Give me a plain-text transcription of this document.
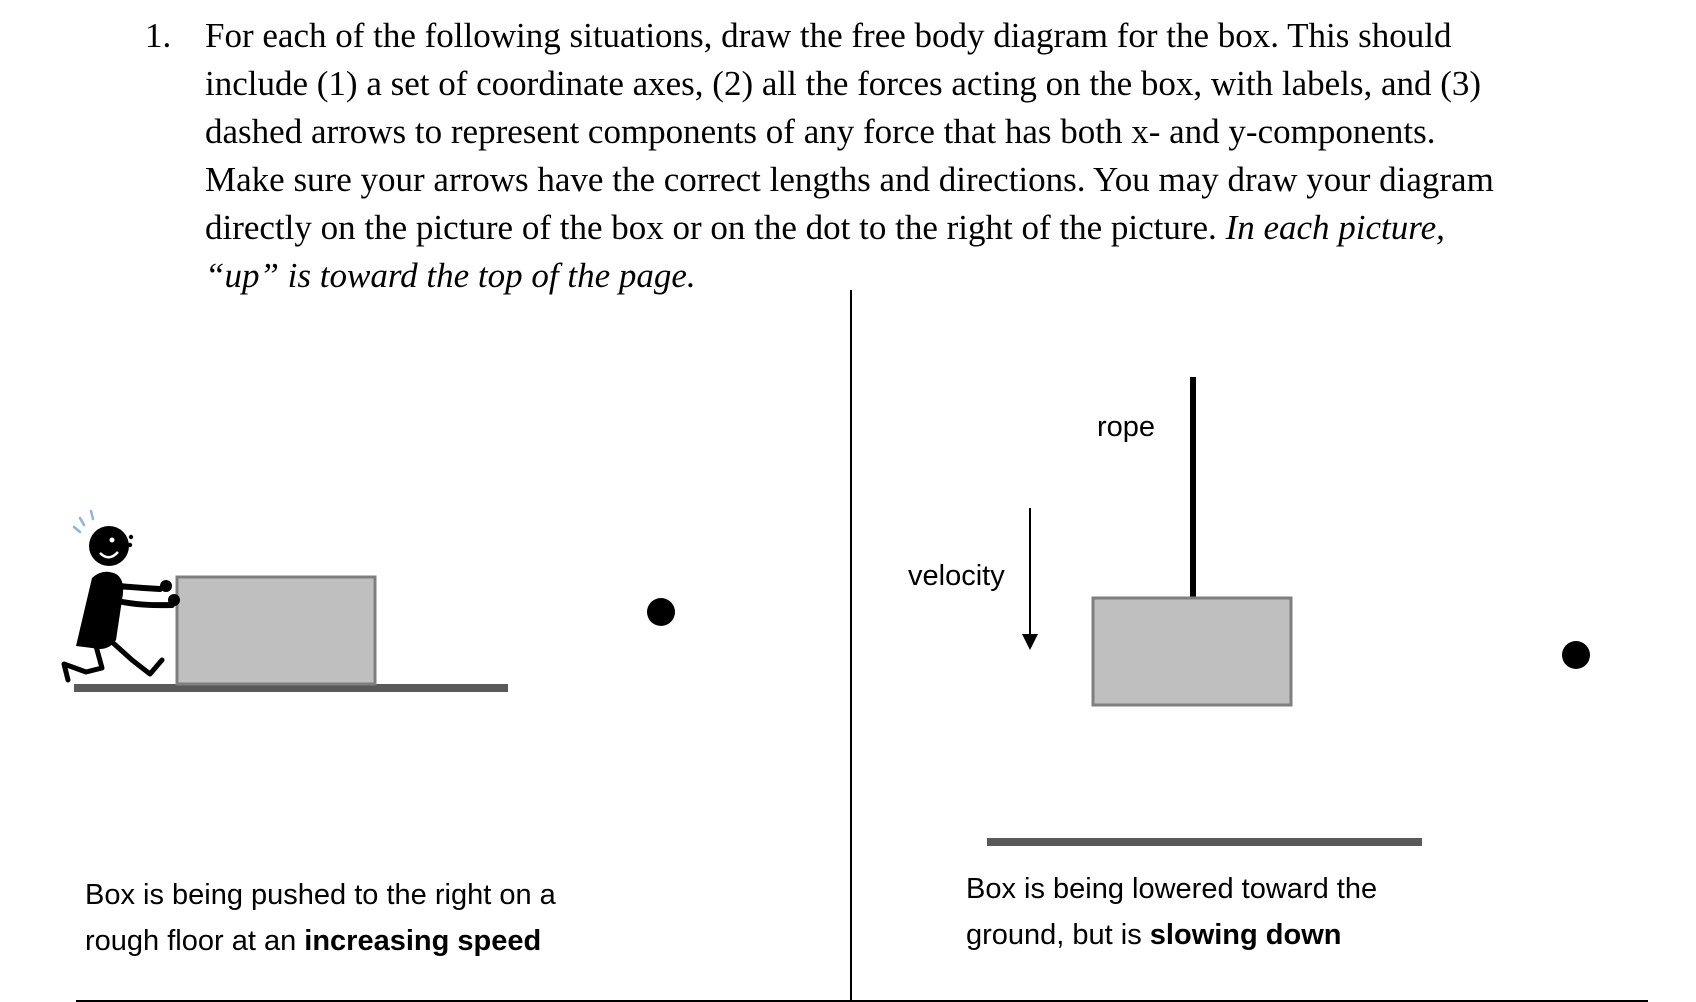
1. For each of the following situations, draw the free body diagram for the box. This should
include (1) a set of coordinate axes, (2) all the forces acting on the box, with labels, and (3)
dashed arrows to represent components of any force that has both x- and y-components.
Make sure your arrows have the correct lengths and directions. You may draw your diagram
directly on the picture of the box or on the dot to the right of the picture. In each picture,
“up” is toward the top of the page.
rope
velocity
Box is being pushed to the right on a
rough floor at an increasing speed
Box is being lowered toward the
ground, but is slowing down
